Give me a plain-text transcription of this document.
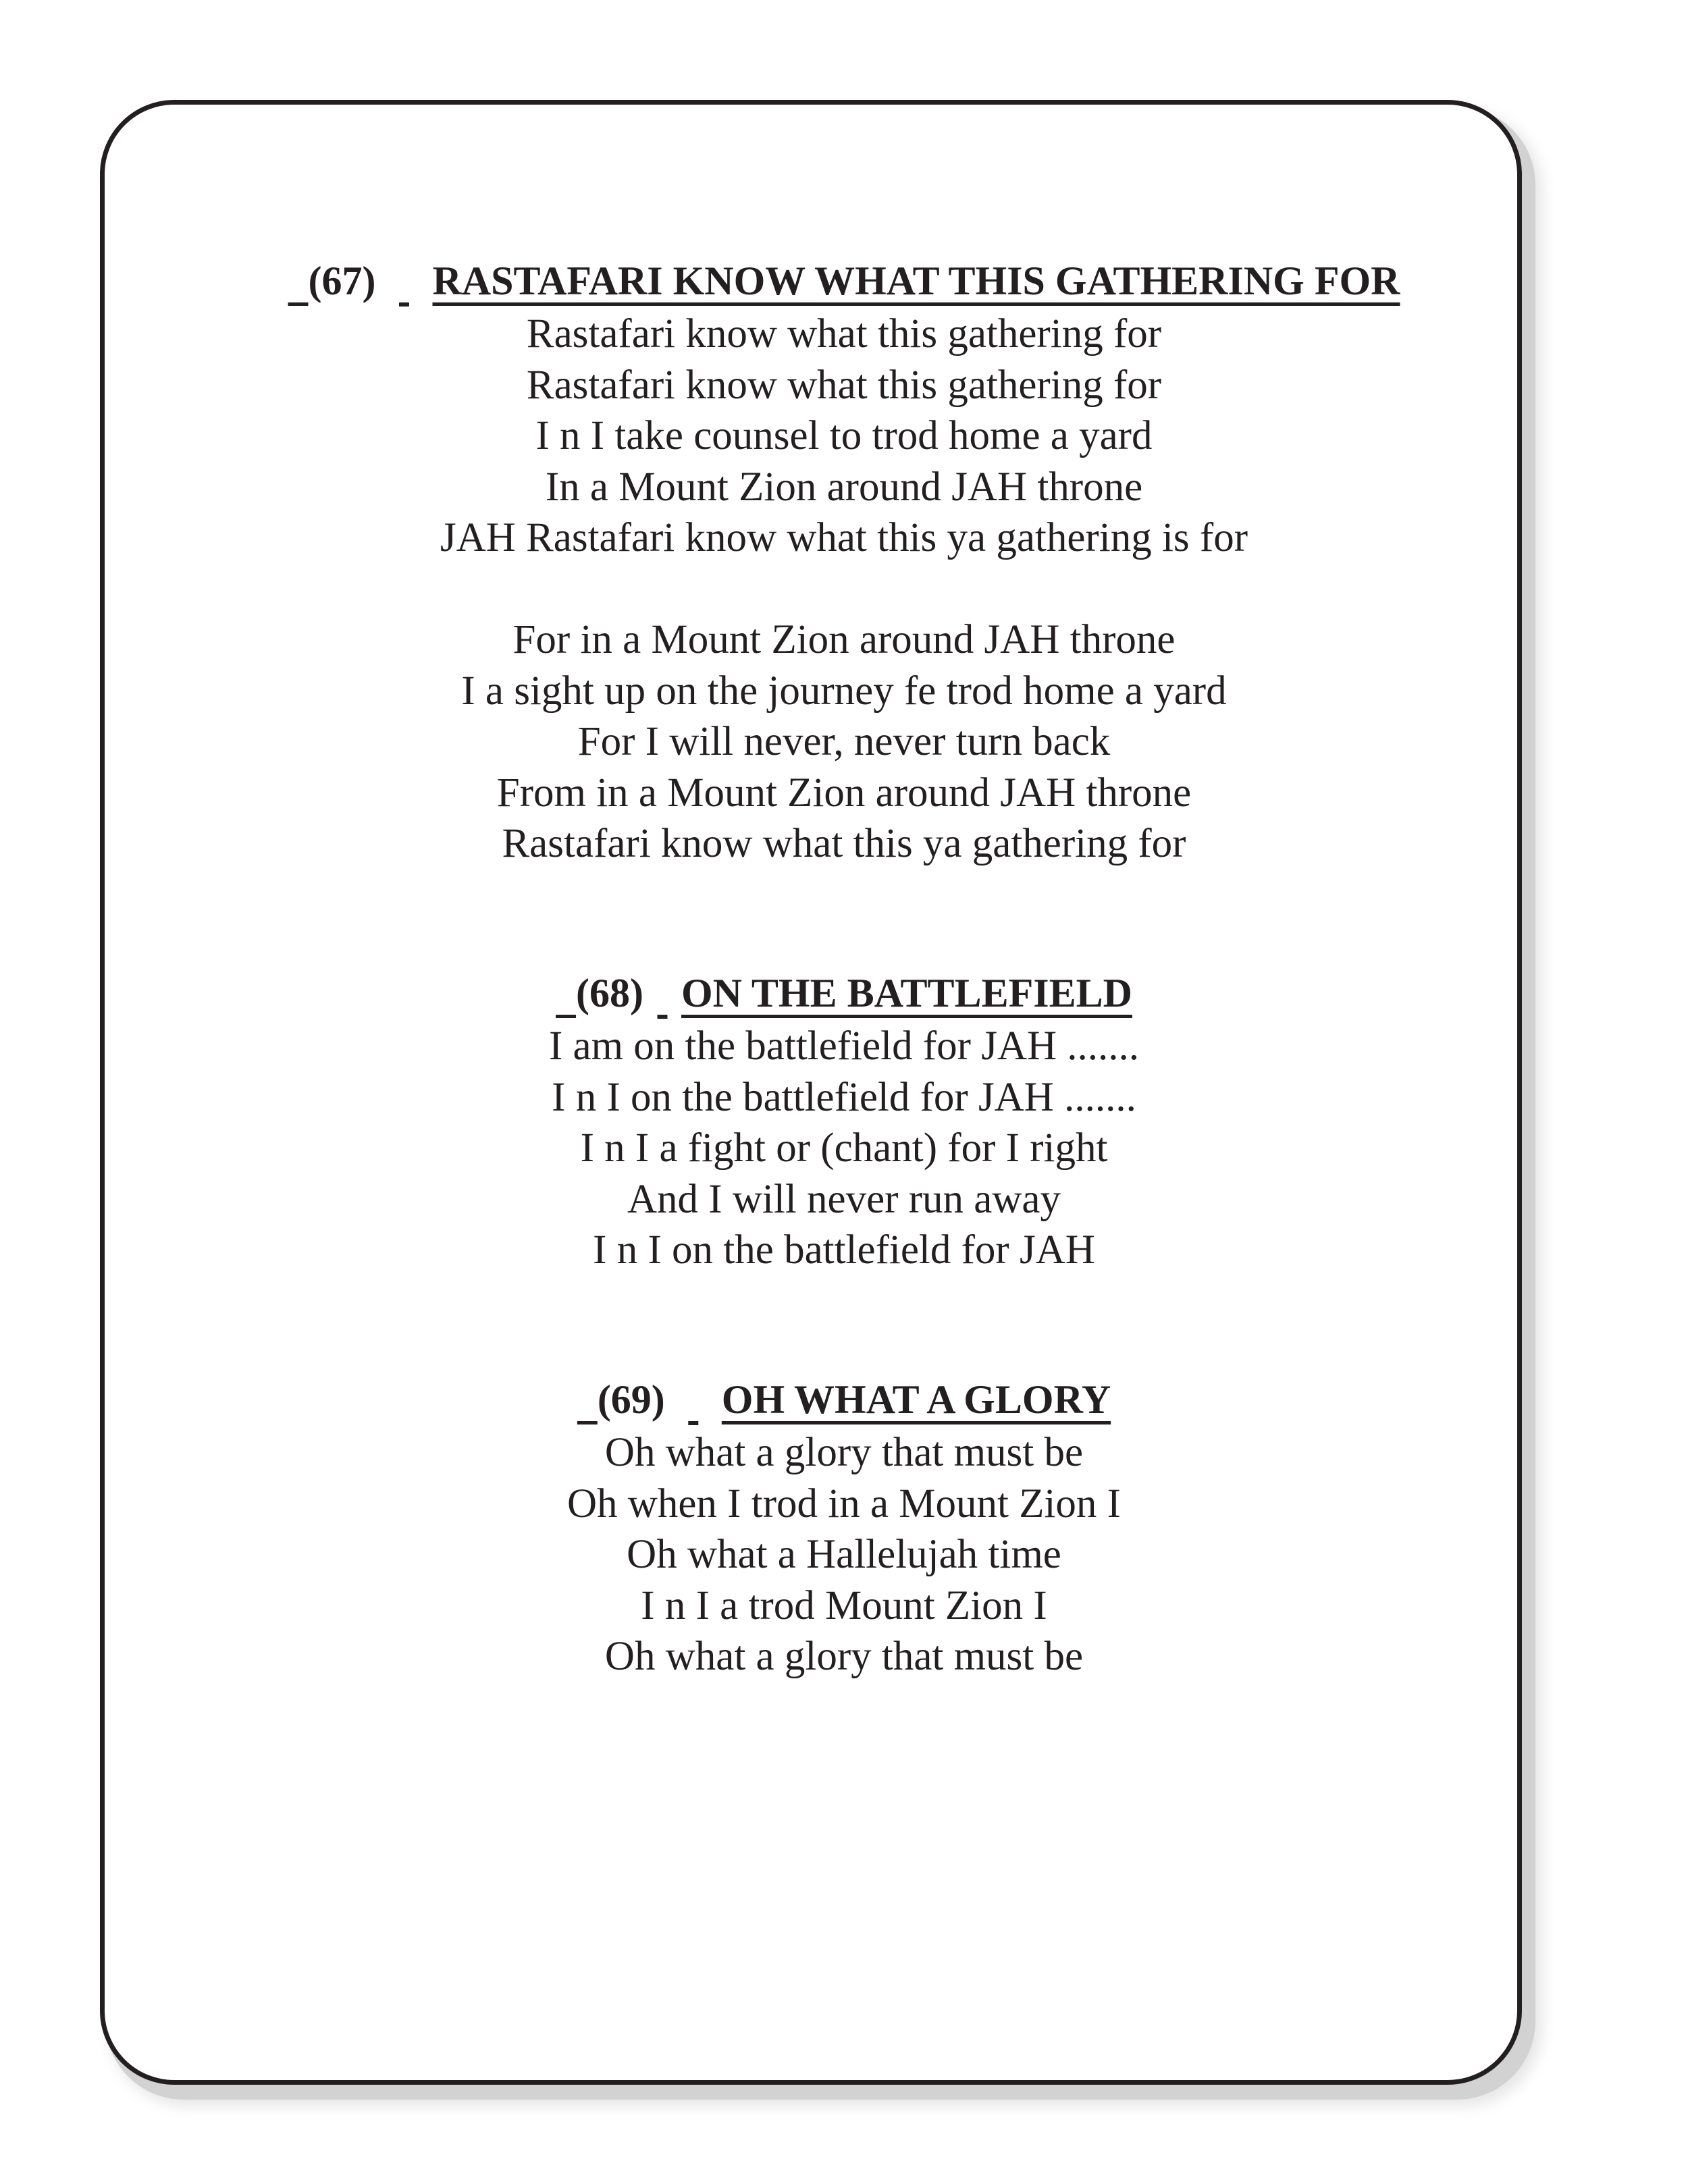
(67) RASTAFARI KNOW WHAT THIS GATHERING FOR

Rastafari know what this gathering for
Rastafari know what this gathering for
I n I take counsel to trod home a yard
In a Mount Zion around JAH throne
JAH Rastafari know what this ya gathering is for
For in a Mount Zion around JAH throne
I a sight up on the journey fe trod home a yard
For I will never, never turn back
From in a Mount Zion around JAH throne
Rastafari know what this ya gathering for

(68) ON THE BATTLEFIELD

I am on the battlefield for JAH .......
I n I on the battlefield for JAH .......
I n I a fight or (chant) for I right
And I will never run away
I n I on the battlefield for JAH

(69) OH WHAT A GLORY

Oh what a glory that must be
Oh when I trod in a Mount Zion I
Oh what a Hallelujah time
I n I a trod Mount Zion I
Oh what a glory that must be
